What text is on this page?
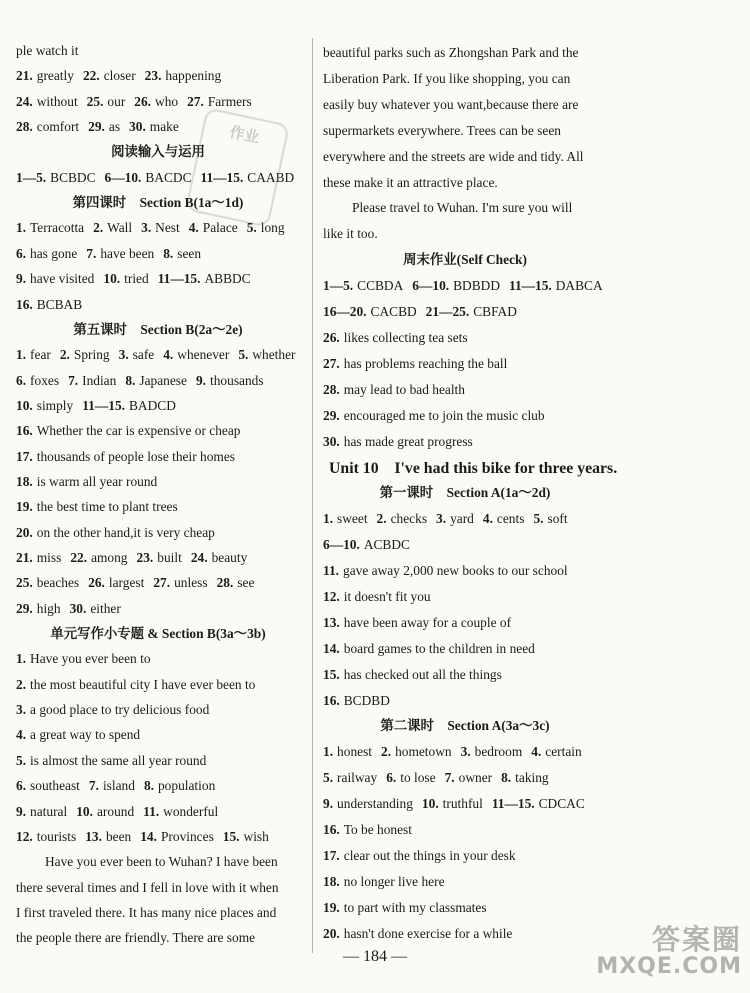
ple watch it
21. greatly 22. closer 23. happening
24. without 25. our 26. who 27. Farmers
28. comfort 29. as 30. make
阅读输入与运用
1—5. BCBDC 6—10. BACDC 11—15. CAABD
第四课时　Section B(1a～1d)
1. Terracotta 2. Wall 3. Nest 4. Palace 5. long
6. has gone 7. have been 8. seen
9. have visited 10. tried 11—15. ABBDC
16. BCBAB
第五课时　Section B(2a～2e)
1. fear 2. Spring 3. safe 4. whenever 5. whether
6. foxes 7. Indian 8. Japanese 9. thousands
10. simply 11—15. BADCD
16. Whether the car is expensive or cheap
17. thousands of people lose their homes
18. is warm all year round
19. the best time to plant trees
20. on the other hand,it is very cheap
21. miss 22. among 23. built 24. beauty
25. beaches 26. largest 27. unless 28. see
29. high 30. either
单元写作小专题 & Section B(3a～3b)
1. Have you ever been to
2. the most beautiful city I have ever been to
3. a good place to try delicious food
4. a great way to spend
5. is almost the same all year round
6. southeast 7. island 8. population
9. natural 10. around 11. wonderful
12. tourists 13. been 14. Provinces 15. wish
Have you ever been to Wuhan? I have been
there several times and I fell in love with it when
I first traveled there. It has many nice places and
the people there are friendly. There are some
beautiful parks such as Zhongshan Park and the
Liberation Park. If you like shopping, you can
easily buy whatever you want,because there are
supermarkets everywhere. Trees can be seen
everywhere and the streets are wide and tidy. All
these make it an attractive place.
Please travel to Wuhan. I'm sure you will
like it too.
周末作业(Self Check)
1—5. CCBDA 6—10. BDBDD 11—15. DABCA
16—20. CACBD 21—25. CBFAD
26. likes collecting tea sets
27. has problems reaching the ball
28. may lead to bad health
29. encouraged me to join the music club
30. has made great progress
Unit 10　I've had this bike for three years.
第一课时　Section A(1a～2d)
1. sweet 2. checks 3. yard 4. cents 5. soft
6—10. ACBDC
11. gave away 2,000 new books to our school
12. it doesn't fit you
13. have been away for a couple of
14. board games to the children in need
15. has checked out all the things
16. BCDBD
第二课时　Section A(3a～3c)
1. honest 2. hometown 3. bedroom 4. certain
5. railway 6. to lose 7. owner 8. taking
9. understanding 10. truthful 11—15. CDCAC
16. To be honest
17. clear out the things in your desk
18. no longer live here
19. to part with my classmates
20. hasn't done exercise for a while
— 184 —
作业
答案圈
MXQE.COM
